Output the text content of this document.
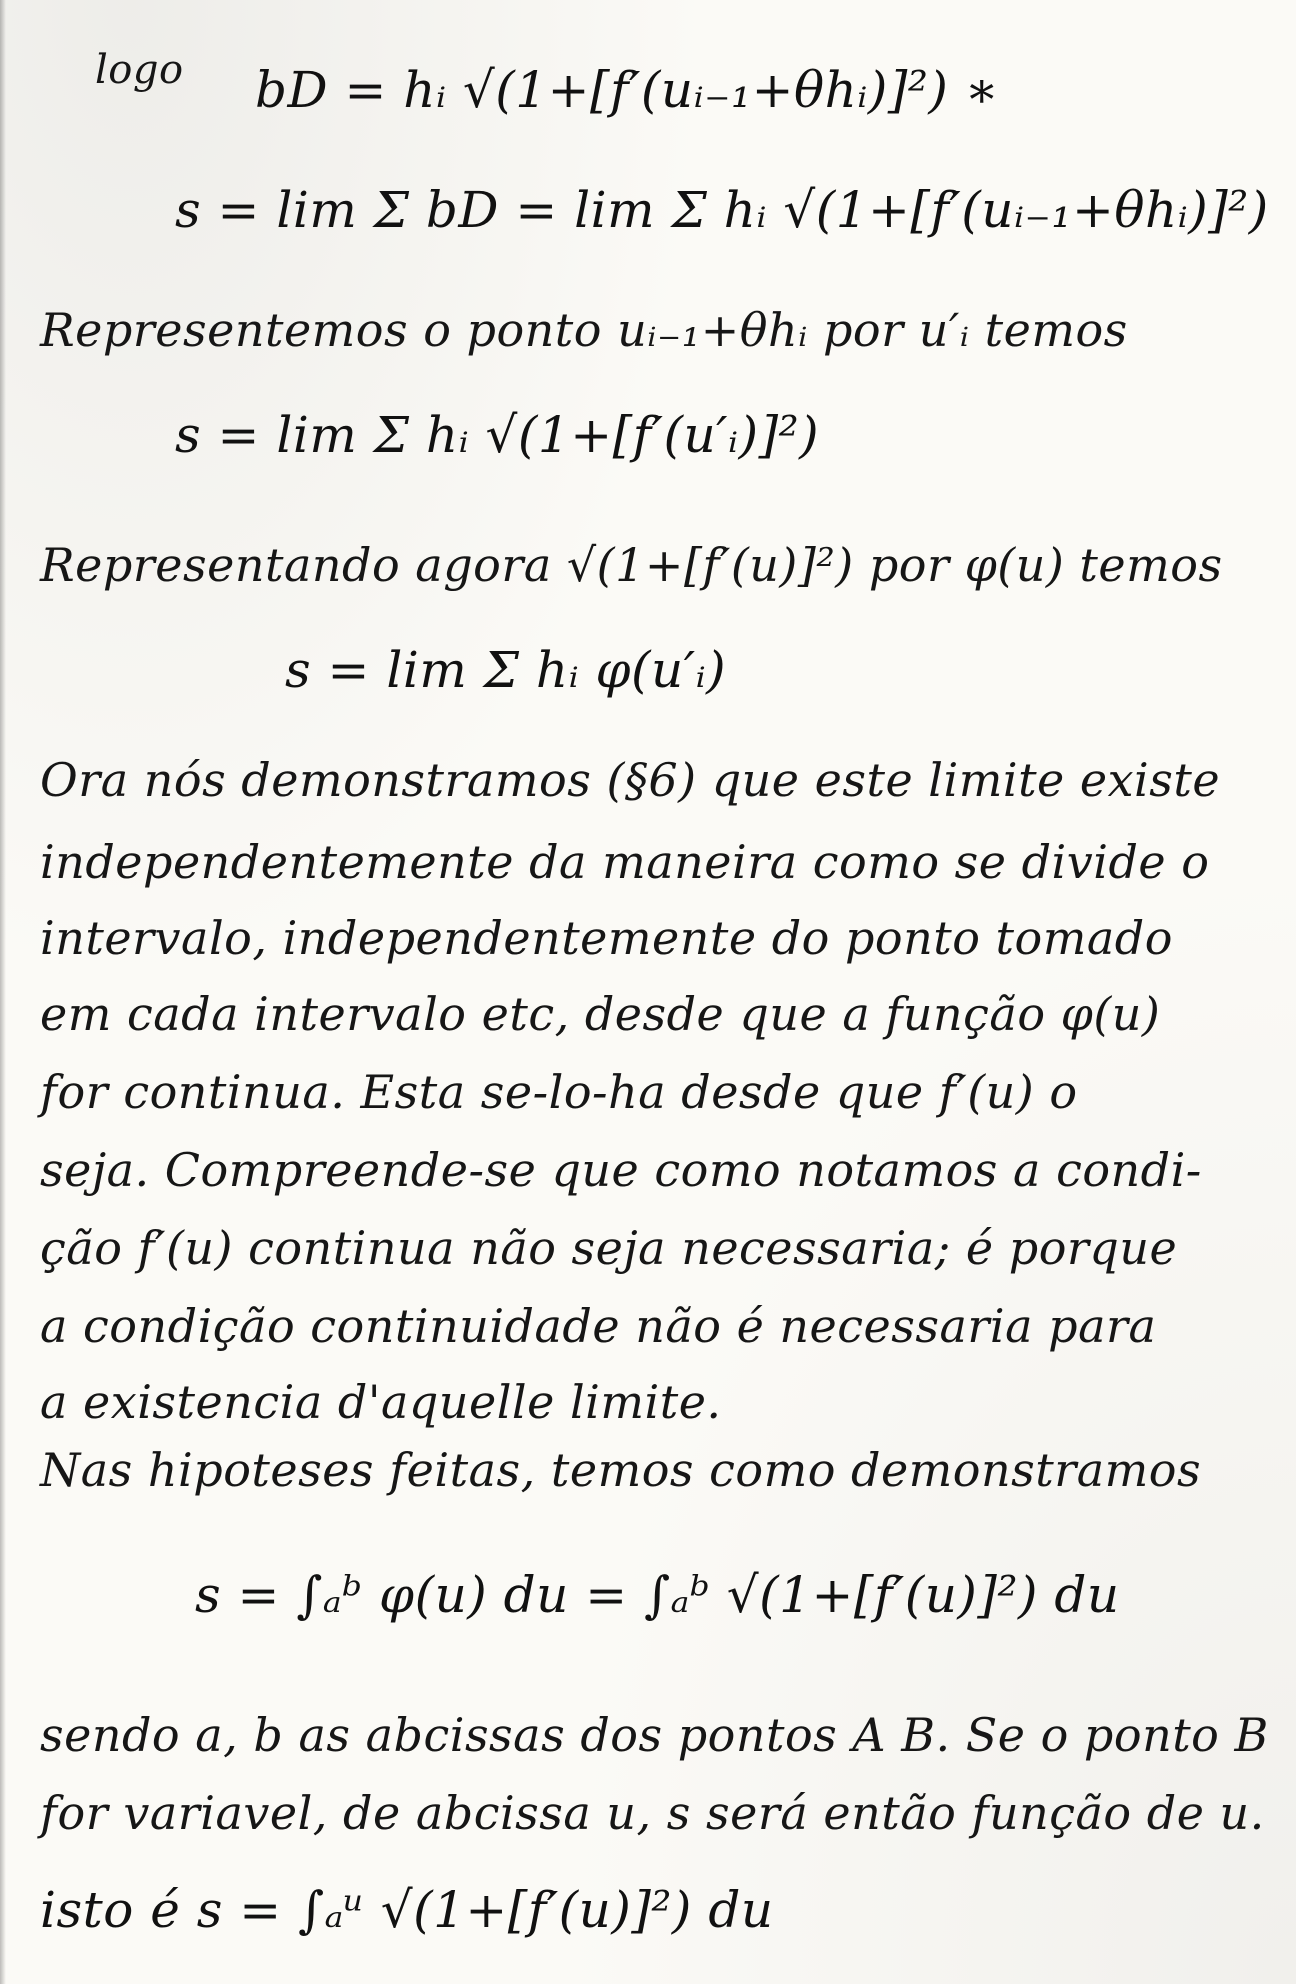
logo bD = hᵢ √(1+[f′(uᵢ₋₁+θhᵢ)]²) ∗
s = lim Σ bD = lim Σ hᵢ √(1+[f′(uᵢ₋₁+θhᵢ)]²)
Representemos o ponto uᵢ₋₁+θhᵢ por u′ᵢ temos
s = lim Σ hᵢ √(1+[f′(u′ᵢ)]²)
Representando agora √(1+[f′(u)]²) por φ(u) temos
s = lim Σ hᵢ φ(u′ᵢ)
Ora nós demonstramos (§6) que este limite existe
independentemente da maneira como se divide o
intervalo, independentemente do ponto tomado
em cada intervalo etc, desde que a função φ(u)
for continua. Esta se-lo-ha desde que f′(u) o
seja. Compreende-se que como notamos a condi-
ção f′(u) continua não seja necessaria; é porque
a condição continuidade não é necessaria para
a existencia d'aquelle limite.
Nas hipoteses feitas, temos como demonstramos
s = ∫ₐᵇ φ(u) du = ∫ₐᵇ √(1+[f′(u)]²) du
sendo a, b as abcissas dos pontos A B. Se o ponto B
for variavel, de abcissa u, s será então função de u.
isto é s = ∫ₐᵘ √(1+[f′(u)]²) du
